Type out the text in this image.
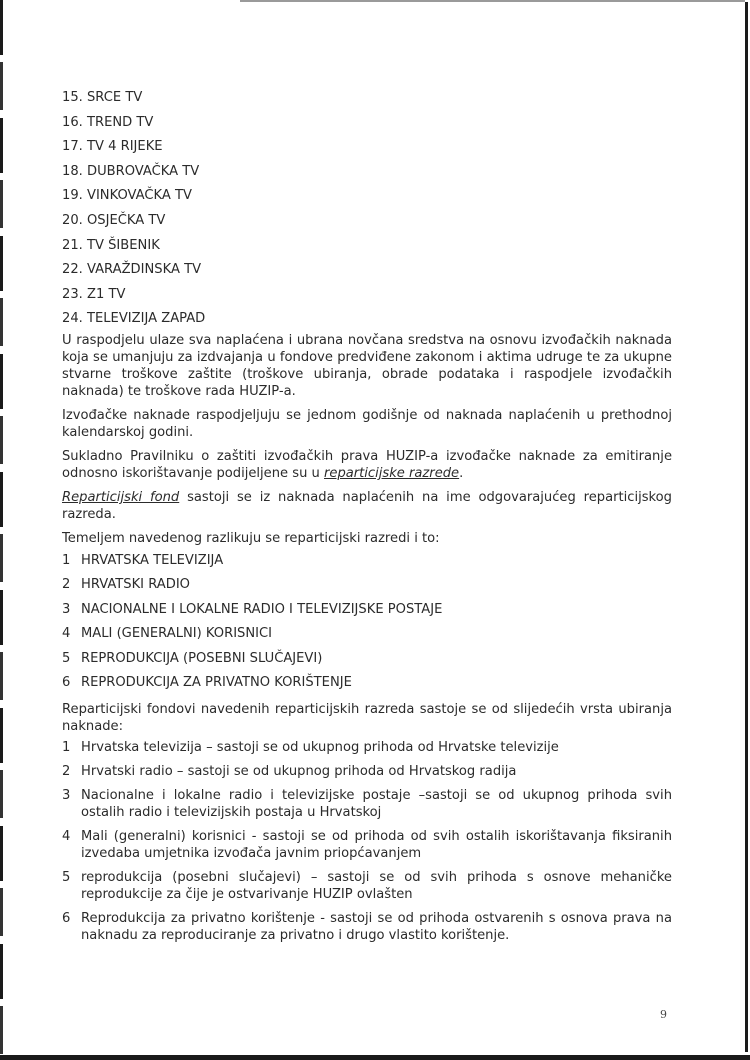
15. SRCE TV
16. TREND TV
17. TV 4 RIJEKE
18. DUBROVAČKA TV
19. VINKOVAČKA TV
20. OSJEČKA TV
21. TV ŠIBENIK
22. VARAŽDINSKA TV
23. Z1 TV
24. TELEVIZIJA ZAPAD

U raspodjelu ulaze sva naplaćena i ubrana novčana sredstva na osnovu izvođačkih naknada koja se umanjuju za izdvajanja u fondove predviđene zakonom i aktima udruge te za ukupne stvarne troškove zaštite (troškove ubiranja, obrade podataka i raspodjele izvođačkih naknada) te troškove rada HUZIP-a.

Izvođačke naknade raspodjeljuju se jednom godišnje od naknada naplaćenih u prethodnoj kalendarskoj godini.

Sukladno Pravilniku o zaštiti izvođačkih prava HUZIP-a izvođačke naknade za emitiranje odnosno iskorištavanje podijeljene su u reparticijske razrede.

Reparticijski fond sastoji se iz naknada naplaćenih na ime odgovarajućeg reparticijskog razreda.

Temeljem navedenog razlikuju se reparticijski razredi i to:

1 HRVATSKA TELEVIZIJA
2 HRVATSKI RADIO
3 NACIONALNE I LOKALNE RADIO I TELEVIZIJSKE POSTAJE
4 MALI (GENERALNI) KORISNICI
5 REPRODUKCIJA (POSEBNI SLUČAJEVI)
6 REPRODUKCIJA ZA PRIVATNO KORIŠTENJE

Reparticijski fondovi navedenih reparticijskih razreda sastoje se od slijedećih vrsta ubiranja naknade:

1 Hrvatska televizija – sastoji se od ukupnog prihoda od Hrvatske televizije
2 Hrvatski radio – sastoji se od ukupnog prihoda od Hrvatskog radija
3 Nacionalne i lokalne radio i televizijske postaje –sastoji se od ukupnog prihoda svih ostalih radio i televizijskih postaja u Hrvatskoj
4 Mali (generalni) korisnici - sastoji se od prihoda od svih ostalih iskorištavanja fiksiranih izvedaba umjetnika izvođača javnim priopćavanjem
5 reprodukcija (posebni slučajevi) – sastoji se od svih prihoda s osnove mehaničke reprodukcije za čije je ostvarivanje HUZIP ovlašten
6 Reprodukcija za privatno korištenje - sastoji se od prihoda ostvarenih s osnova prava na naknadu za reproduciranje za privatno i drugo vlastito korištenje.
9
